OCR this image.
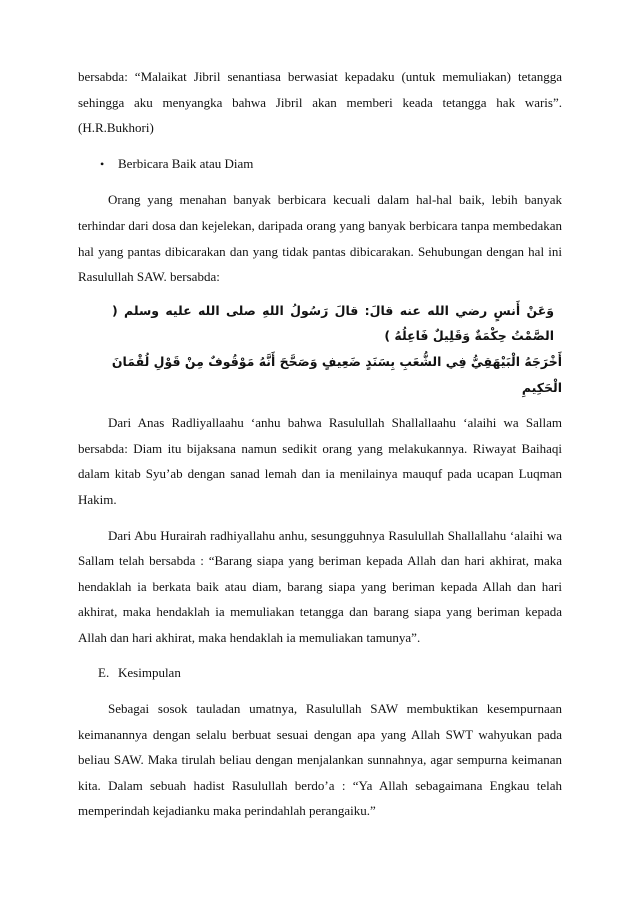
bersabda: “Malaikat Jibril senantiasa berwasiat kepadaku (untuk memuliakan) tetangga sehingga aku menyangka bahwa Jibril akan memberi keada tetangga hak waris”. (H.R.Bukhori)

•	Berbicara Baik atau Diam

Orang yang menahan banyak berbicara kecuali dalam hal-hal baik, lebih banyak terhindar dari dosa dan kejelekan, daripada orang yang banyak berbicara tanpa membedakan hal yang pantas dibicarakan dan yang tidak pantas dibicarakan. Sehubungan dengan hal ini Rasulullah SAW. bersabda:

وَعَنْ أَنسٍ رضي الله عنه قالَ: قالَ رَسُولُ اللهِ صلى الله عليه وسلم ( الصَّمْتُ حِكْمَةٌ وَقَلِيلٌ فَاعِلُهُ )

أَخْرَجَهُ الْبَيْهَقِيُّ فِي الشُّعَبِ بِسَنَدٍ ضَعِيفٍ وَصَحَّحَ أَنَّهُ مَوْقُوفٌ مِنْ قَوْلِ لُقْمَانَ الْحَكِيمِ

Dari Anas Radliyallaahu ‘anhu bahwa Rasulullah Shallallaahu ‘alaihi wa Sallam bersabda: Diam itu bijaksana namun sedikit orang yang melakukannya. Riwayat Baihaqi dalam kitab Syu’ab dengan sanad lemah dan ia menilainya mauquf pada ucapan Luqman Hakim.

Dari Abu Hurairah radhiyallahu anhu, sesungguhnya Rasulullah Shallallahu ‘alaihi wa Sallam telah bersabda : “Barang siapa yang beriman kepada Allah dan hari akhirat, maka hendaklah ia berkata baik atau diam, barang siapa yang beriman kepada Allah dan hari akhirat, maka hendaklah ia memuliakan tetangga dan barang siapa yang beriman kepada Allah dan hari akhirat, maka hendaklah ia memuliakan tamunya”.

E. Kesimpulan

Sebagai sosok tauladan umatnya, Rasulullah SAW membuktikan kesempurnaan keimanannya dengan selalu berbuat sesuai dengan apa yang Allah SWT wahyukan pada beliau SAW. Maka tirulah beliau dengan menjalankan sunnahnya, agar sempurna keimanan kita. Dalam sebuah hadist Rasulullah berdo’a : “Ya Allah sebagaimana Engkau telah memperindah kejadianku maka perindahlah perangaiku.”
